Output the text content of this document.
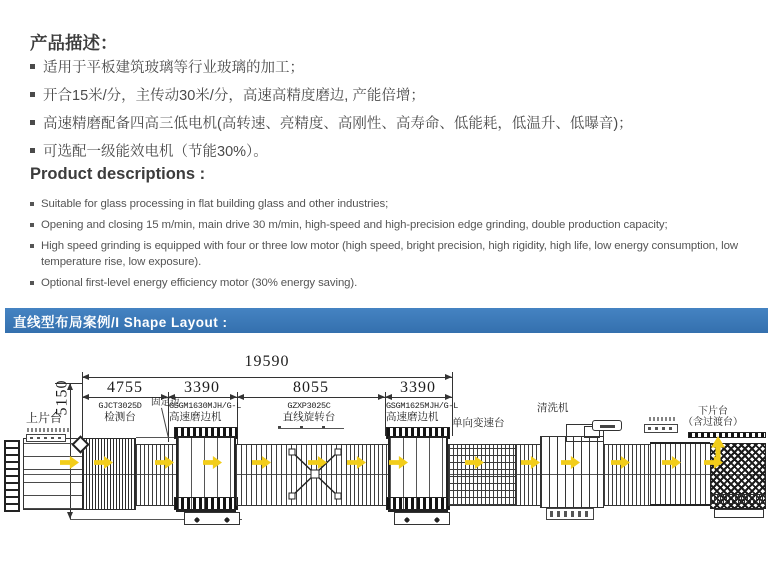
产品描述：
适用于平板建筑玻璃等行业玻璃的加工；
开合15米/分，主传动30米/分，高速高精度磨边, 产能倍增；
高速精磨配备四高三低电机(高转速、亮精度、高刚性、高寿命、低能耗，低温升、低曝音)；
可选配一级能效电机（节能30%）。
Product descriptions :
Suitable for glass processing in flat building glass and other industries;
Opening and closing 15 m/min, main drive 30 m/min, high-speed and high-precision edge grinding, double production capacity;
High speed grinding is equipped with four or three low motor (high speed, bright precision, high rigidity, high life, low energy consumption, low temperature rise, low exposure).
Optional first-level energy efficiency motor (30% energy saving).
直线型布局案例/I Shape Layout :
19590
4755	3390	8055	3390
5150
上片台
GJCT3025D
检测台
固定边
GSGM1630MJH/G-L
高速磨边机
GZXP3025C
直线旋转台
GSGM1625MJH/G-L
高速磨边机 单向变速台
清洗机	下片台
（含过渡台）
